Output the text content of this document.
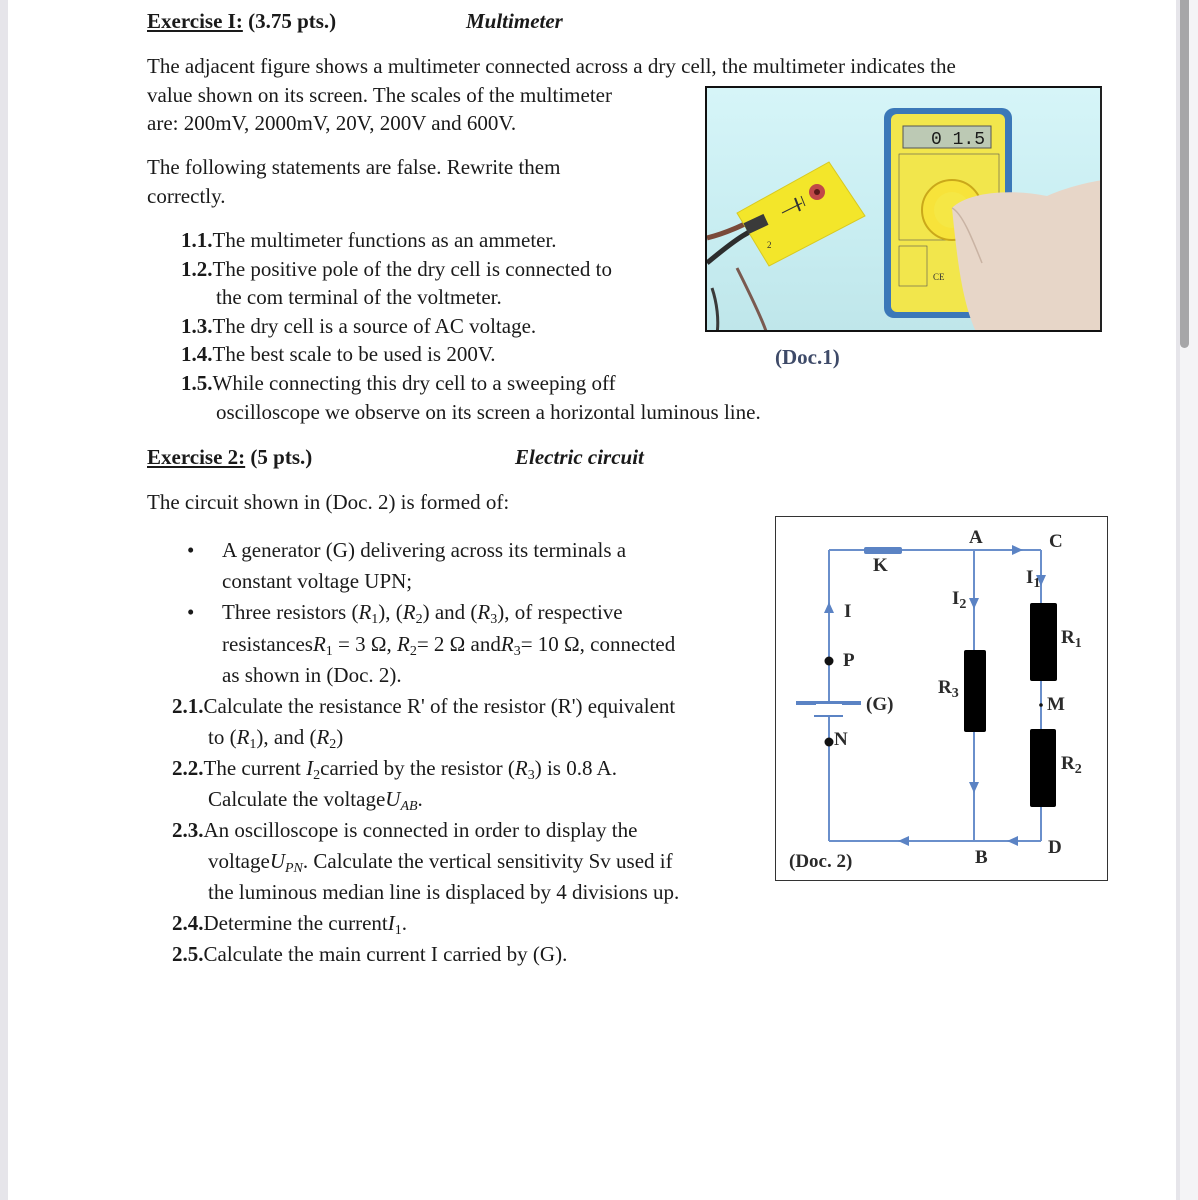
Exercise I: (3.75 pts.)	Multimeter
The adjacent figure shows a multimeter connected across a dry cell, the multimeter indicates the
value shown on its screen. The scales of the multimeter
are: 200mV, 2000mV, 20V, 200V and 600V.
The following statements are false. Rewrite them
correctly.
1.1.The multimeter functions as an ammeter.
1.2.The positive pole of the dry cell is connected to
the com terminal of the voltmeter.
1.3.The dry cell is a source of AC voltage.
1.4.The best scale to be used is 200V.
1.5.While connecting this dry cell to a sweeping off
oscilloscope we observe on its screen a horizontal luminous line.
2
0 1.5
CE
(Doc.1)
Exercise 2: (5 pts.)	Electric circuit
The circuit shown in (Doc. 2) is formed of:
• A generator (G) delivering across its terminals a
constant voltage UPN;
• Three resistors $(R_1)$, $(R_2)$ and $(R_3)$, of respective
resistancesR$_1$ = 3 Ω, $R_2= 2$ Ω andR$_3$= 10 Ω, connected
as shown in (Doc. 2).
2.1.Calculate the resistance R' of the resistor (R') equivalent
to $(R_1)$, and $(R_2)$
2.2.The current $I_2carried$ by the resistor $(R_3)$ is 0.8 A.
Calculate the voltageU$_{AB}$.
2.3.An oscilloscope is connected in order to display the
voltageU$_{PN}$. Calculate the vertical sensitivity Sv used if
the luminous median line is displaced by 4 divisions up.
2.4.Determine the currentI$_1$.
2.5.Calculate the main current I carried by (G).
A	C
K
$I_1$
$I_2$
I
$R_1$
P
$R_3$
(G)	M
N
$R_2$
D
B
(Doc. 2)
